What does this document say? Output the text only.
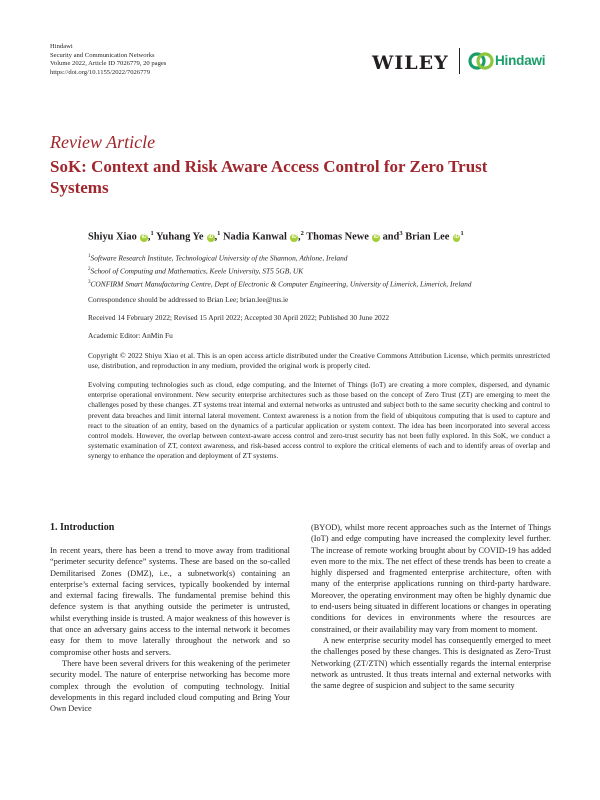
Hindawi
Security and Communication Networks
Volume 2022, Article ID 7026779, 20 pages
https://doi.org/10.1155/2022/7026779	WILEY	Hindawi
Review Article
SoK: Context and Risk Aware Access Control for Zero Trust Systems
Shiyu Xiao iD,$^1$ Yuhang Ye iD,$^1$ Nadia Kanwal iD,$^2$ Thomas Newe iD and$^3$ Brian Lee $iD^1$
$^1$Software Research Institute, Technological University of the Shannon, Athlone, Ireland
$^2$School of Computing and Mathematics, Keele University, ST5 5GB, UK
$^3$CONFIRM Smart Manufacturing Centre, Dept of Electronic & Computer Engineering, University of Limerick, Limerick, Ireland
Correspondence should be addressed to Brian Lee; brian.lee@tus.ie
Received 14 February 2022; Revised 15 April 2022; Accepted 30 April 2022; Published 30 June 2022
Academic Editor: AnMin Fu
Copyright © 2022 Shiyu Xiao et al. This is an open access article distributed under the Creative Commons Attribution License, which permits unrestricted use, distribution, and reproduction in any medium, provided the original work is properly cited.
Evolving computing technologies such as cloud, edge computing, and the Internet of Things (IoT) are creating a more complex, dispersed, and dynamic enterprise operational environment. New security enterprise architectures such as those based on the concept of Zero Trust (ZT) are emerging to meet the challenges posed by these changes. ZT systems treat internal and external networks as untrusted and subject both to the same security checking and control to prevent data breaches and limit internal lateral movement. Context awareness is a notion from the field of ubiquitous computing that is used to capture and react to the situation of an entity, based on the dynamics of a particular application or system context. The idea has been incorporated into several access control models. However, the overlap between context-aware access control and zero-trust security has not been fully explored. In this SoK, we conduct a systematic examination of ZT, context awareness, and risk-based access control to explore the critical elements of each and to identify areas of overlap and synergy to enhance the operation and deployment of ZT systems.
1. Introduction

In recent years, there has been a trend to move away from traditional “perimeter security defence” systems. These are based on the so-called Demilitarised Zones (DMZ), i.e., a subnetwork(s) containing an enterprise’s external facing services, typically bookended by internal and external facing firewalls. The fundamental premise behind this defence system is that anything outside the perimeter is untrusted, whilst everything inside is trusted. A major weakness of this however is that once an adversary gains access to the internal network it becomes easy for them to move laterally throughout the network and so compromise other hosts and servers.

There have been several drivers for this weakening of the perimeter security model. The nature of enterprise networking has become more complex through the evolution of computing technology. Initial developments in this regard included cloud computing and Bring Your Own Device

(BYOD), whilst more recent approaches such as the Internet of Things (IoT) and edge computing have increased the complexity level further. The increase of remote working brought about by COVID-19 has added even more to the mix. The net effect of these trends has been to create a highly dispersed and fragmented enterprise architecture, often with many of the enterprise applications running on third-party hardware. Moreover, the operating environment may often be highly dynamic due to end-users being situated in different locations or changes in operating conditions for devices in environments where the resources are constrained, or their availability may vary from moment to moment.

A new enterprise security model has consequently emerged to meet the challenges posed by these changes. This is designated as Zero-Trust Networking (ZT/ZTN) which essentially regards the internal enterprise network as untrusted. It thus treats internal and external networks with the same degree of suspicion and subject to the same security
